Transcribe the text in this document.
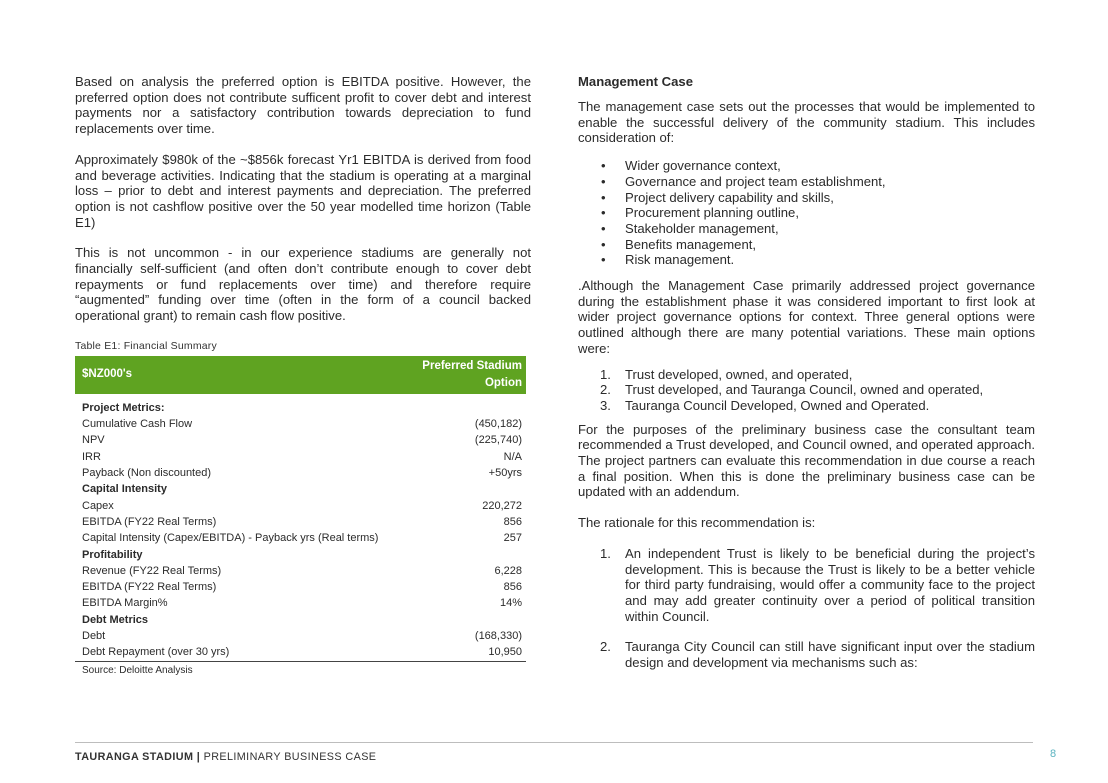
Based on analysis the preferred option is EBITDA positive. However, the preferred option does not contribute sufficent profit to cover debt and interest payments nor a satisfactory contribution towards depreciation to fund replacements over time.

Approximately $980k of the ~$856k forecast Yr1 EBITDA is derived from food and beverage activities. Indicating that the stadium is operating at a marginal loss – prior to debt and interest payments and depreciation. The preferred option is not cashflow positive over the 50 year modelled time horizon (Table E1)

This is not uncommon - in our experience stadiums are generally not financially self-sufficient (and often don’t contribute enough to cover debt repayments or fund replacements over time) and therefore require “augmented” funding over time (often in the form of a council backed operational grant) to remain cash flow positive.

Table E1: Financial Summary

$NZ000's	Preferred Stadium
Option

Project Metrics:	
Cumulative Cash Flow	(450,182)
NPV	(225,740)
IRR	N/A
Payback (Non discounted)	+50yrs
Capital Intensity	
Capex	220,272
EBITDA (FY22 Real Terms)	856
Capital Intensity (Capex/EBITDA) - Payback yrs (Real terms)	257
Profitability	
Revenue (FY22 Real Terms)	6,228
EBITDA (FY22 Real Terms)	856
EBITDA Margin%	14%
Debt Metrics	
Debt	(168,330)
Debt Repayment (over 30 yrs)	10,950
Source: Deloitte Analysis

Management Case

The management case sets out the processes that would be implemented to enable the successful delivery of the community stadium. This includes consideration of:

• Wider governance context,
• Governance and project team establishment,
• Project delivery capability and skills,
• Procurement planning outline,
• Stakeholder management,
• Benefits management,
• Risk management.

.Although the Management Case primarily addressed project governance during the establishment phase it was considered important to first look at wider project governance options for context. Three general options were outlined although there are many potential variations. These main options were:

1. Trust developed, owned, and operated,
2. Trust developed, and Tauranga Council, owned and operated,
3. Tauranga Council Developed, Owned and Operated.

For the purposes of the preliminary business case the consultant team recommended a Trust developed, and Council owned, and operated approach. The project partners can evaluate this recommendation in due course a reach a final position. When this is done the preliminary business case can be updated with an addendum.

The rationale for this recommendation is:

1. An independent Trust is likely to be beneficial during the project’s development. This is because the Trust is likely to be a better vehicle for third party fundraising, would offer a community face to the project and may add greater continuity over a period of political transition within Council.
2. Tauranga City Council can still have significant input over the stadium design and development via mechanisms such as:
TAURANGA STADIUM | PRELIMINARY BUSINESS CASE	8
